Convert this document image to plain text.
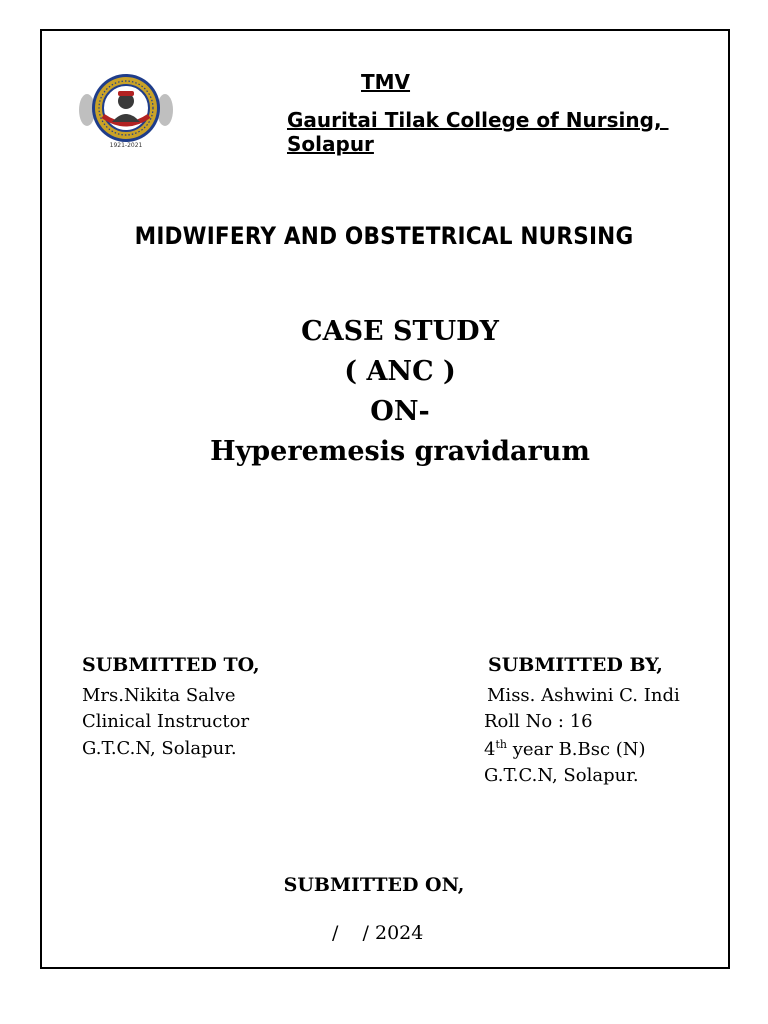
1921-2021
TMV
Gauritai Tilak College of Nursing,
Solapur
MIDWIFERY AND OBSTETRICAL NURSING
CASE STUDY
( ANC )
ON-
Hyperemesis gravidarum
SUBMITTED TO,
Mrs.Nikita Salve
Clinical Instructor
G.T.C.N, Solapur.
SUBMITTED BY,
Miss. Ashwini C. Indi
Roll No : 16
4th year B.Bsc (N)
G.T.C.N, Solapur.
SUBMITTED ON,
/    / 2024
